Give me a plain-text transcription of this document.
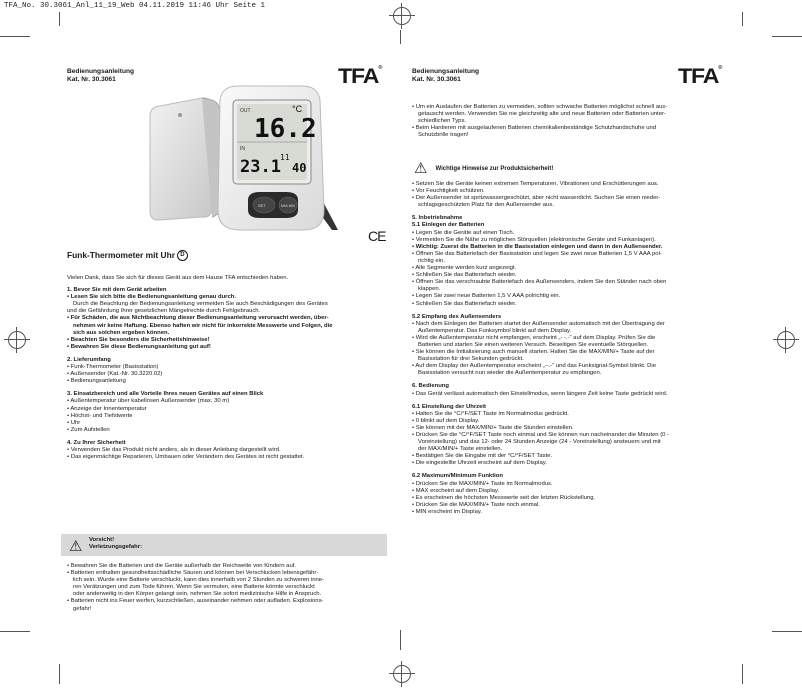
TFA_No. 30.3061_Anl_11_19_Web 04.11.2019 11:46 Uhr Seite 1
TFA®	TFA®
OUT
IN
°C
16.2
23.1 11
40
SET	MAX MIN
Bedienungsanleitung
Kat. Nr. 30.3061
Funk-Thermometer mit Uhr D
CE

Vielen Dank, dass Sie sich für dieses Gerät aus dem Hause TFA entschieden haben.

1. Bevor Sie mit dem Gerät arbeiten

• Lesen Sie sich bitte die Bedienungsanleitung genau durch.

Durch die Beachtung der Bedienungsanleitung vermeiden Sie auch Beschädigungen des Gerätes

und die Gefährdung Ihrer gesetzlichen Mängelrechte durch Fehlgebrauch.

• Für Schäden, die aus Nichtbeachtung dieser Bedienungsanleitung verursacht werden, über-

nehmen wir keine Haftung. Ebenso haften wir nicht für inkorrekte Messwerte und Folgen, die

sich aus solchen ergeben können.

• Beachten Sie besonders die Sicherheitshinweise!

• Bewahren Sie diese Bedienungsanleitung gut auf!

2. Lieferumfang

• Funk-Thermometer (Basisstation)

• Außensender (Kat.-Nr. 30.3220.02)

• Bedienungsanleitung

3. Einsatzbereich und alle Vorteile Ihres neuen Gerätes auf einen Blick

• Außentemperatur über kabellosen Außensender (max. 30 m)

• Anzeige der Innentemperatur

• Höchst- und Tiefstwerte

• Uhr

• Zum Aufstellen

4. Zu Ihrer Sicherheit

• Verwenden Sie das Produkt nicht anders, als in dieser Anleitung dargestellt wird.

• Das eigenmächtige Reparieren, Umbauen oder Verändern des Gerätes ist nicht gestattet.

⚠ Vorsicht!
Verletzungsgefahr:

• Bewahren Sie die Batterien und die Geräte außerhalb der Reichweite von Kindern auf.

• Batterien enthalten gesundheitsschädliche Säuren und können bei Verschlucken lebensgefähr-

lich sein. Wurde eine Batterie verschluckt, kann dies innerhalb von 2 Stunden zu schweren inne-

ren Verätzungen und zum Tode führen. Wenn Sie vermuten, eine Batterie könnte verschluckt

oder anderweitig in den Körper gelangt sein, nehmen Sie sofort medizinische Hilfe in Anspruch.

• Batterien nicht ins Feuer werfen, kurzschließen, auseinander nehmen oder aufladen. Explosions-

gefahr!

Bedienungsanleitung
Kat. Nr. 30.3061

• Um ein Auslaufen der Batterien zu vermeiden, sollten schwache Batterien möglichst schnell aus-

getauscht werden. Verwenden Sie nie gleichzeitig alte und neue Batterien oder Batterien unter-

schiedlichen Typs.

• Beim Hantieren mit ausgelaufenen Batterien chemikalienbeständige Schutzhandschuhe und

Schutzbrille tragen!

⚠ Wichtige Hinweise zur Produktsicherheit!

• Setzen Sie die Geräte keinen extremen Temperaturen, Vibrationen und Erschütterungen aus.

• Vor Feuchtigkeit schützen.

• Der Außensender ist spritzwassergeschützt, aber nicht wasserdicht. Suchen Sie einen nieder-

schlagsgeschützten Platz für den Außensender aus.

5. Inbetriebnahme

5.1 Einlegen der Batterien

• Legen Sie die Geräte auf einen Tisch.

• Vermeiden Sie die Nähe zu möglichen Störquellen (elektronische Geräte und Funkanlagen).

• Wichtig: Zuerst die Batterien in die Basisstation einlegen und dann in den Außensender.

• Öffnen Sie das Batteriefach der Basisstation und legen Sie zwei neue Batterien 1,5 V AAA pol-

richtig ein.

• Alle Segmente werden kurz angezeigt.

• Schließen Sie das Batteriefach wieder.

• Öffnen Sie das verschraubte Batteriefach des Außensenders, indem Sie den Ständer nach oben

klappen.

• Legen Sie zwei neue Batterien 1,5 V AAA polrichtig ein.

• Schließen Sie das Batteriefach wieder.

5.2 Empfang des Außensenders

• Nach dem Einlegen der Batterien startet der Außensender automatisch mit der Übertragung der

Außentemperatur. Das Funksymbol blinkt auf dem Display.

• Wird die Außentemperatur nicht empfangen, erscheint „- -.-“ auf dem Display. Prüfen Sie die

Batterien und starten Sie einen weiteren Versuch. Beseitigen Sie eventuelle Störquellen.

• Sie können die Initialisierung auch manuell starten. Halten Sie die MAX/MIN/+ Taste auf der

Basisstation für drei Sekunden gedrückt.

• Auf dem Display der Außentemperatur erscheint „--.-“ und das Funksignal-Symbol blinkt. Die

Basisstation versucht nun wieder die Außentemperatur zu empfangen.

6. Bedienung

• Das Gerät verlässt automatisch den Einstellmodus, wenn längere Zeit keine Taste gedrückt wird.

6.1 Einstellung der Uhrzeit

• Halten Sie die °C/°F/SET Taste im Normalmodus gedrückt.

• 0 blinkt auf dem Display.

• Sie können mit der MAX/MIN/+ Taste die Stunden einstellen.

• Drücken Sie die °C/°F/SET Taste noch einmal und Sie können nun nacheinander die Minuten (0 -

Voreinstellung) und das 12- oder 24 Stunden Anzeige (24 - Voreinstellung) ansteuern und mit

der MAX/MIN/+ Taste einstellen.

• Bestätigen Sie die Eingabe mit der °C/°F/SET Taste.

• Die eingestellte Uhrzeit erscheint auf dem Display.

6.2 Maximum/Minimum Funktion

• Drücken Sie die MAX/MIN/+ Taste im Normalmodus.

• MAX erscheint auf dem Display.

• Es erscheinen die höchsten Messwerte seit der letzten Rückstellung.

• Drücken Sie die MAX/MIN/+ Taste noch einmal.

• MIN erscheint im Display.
